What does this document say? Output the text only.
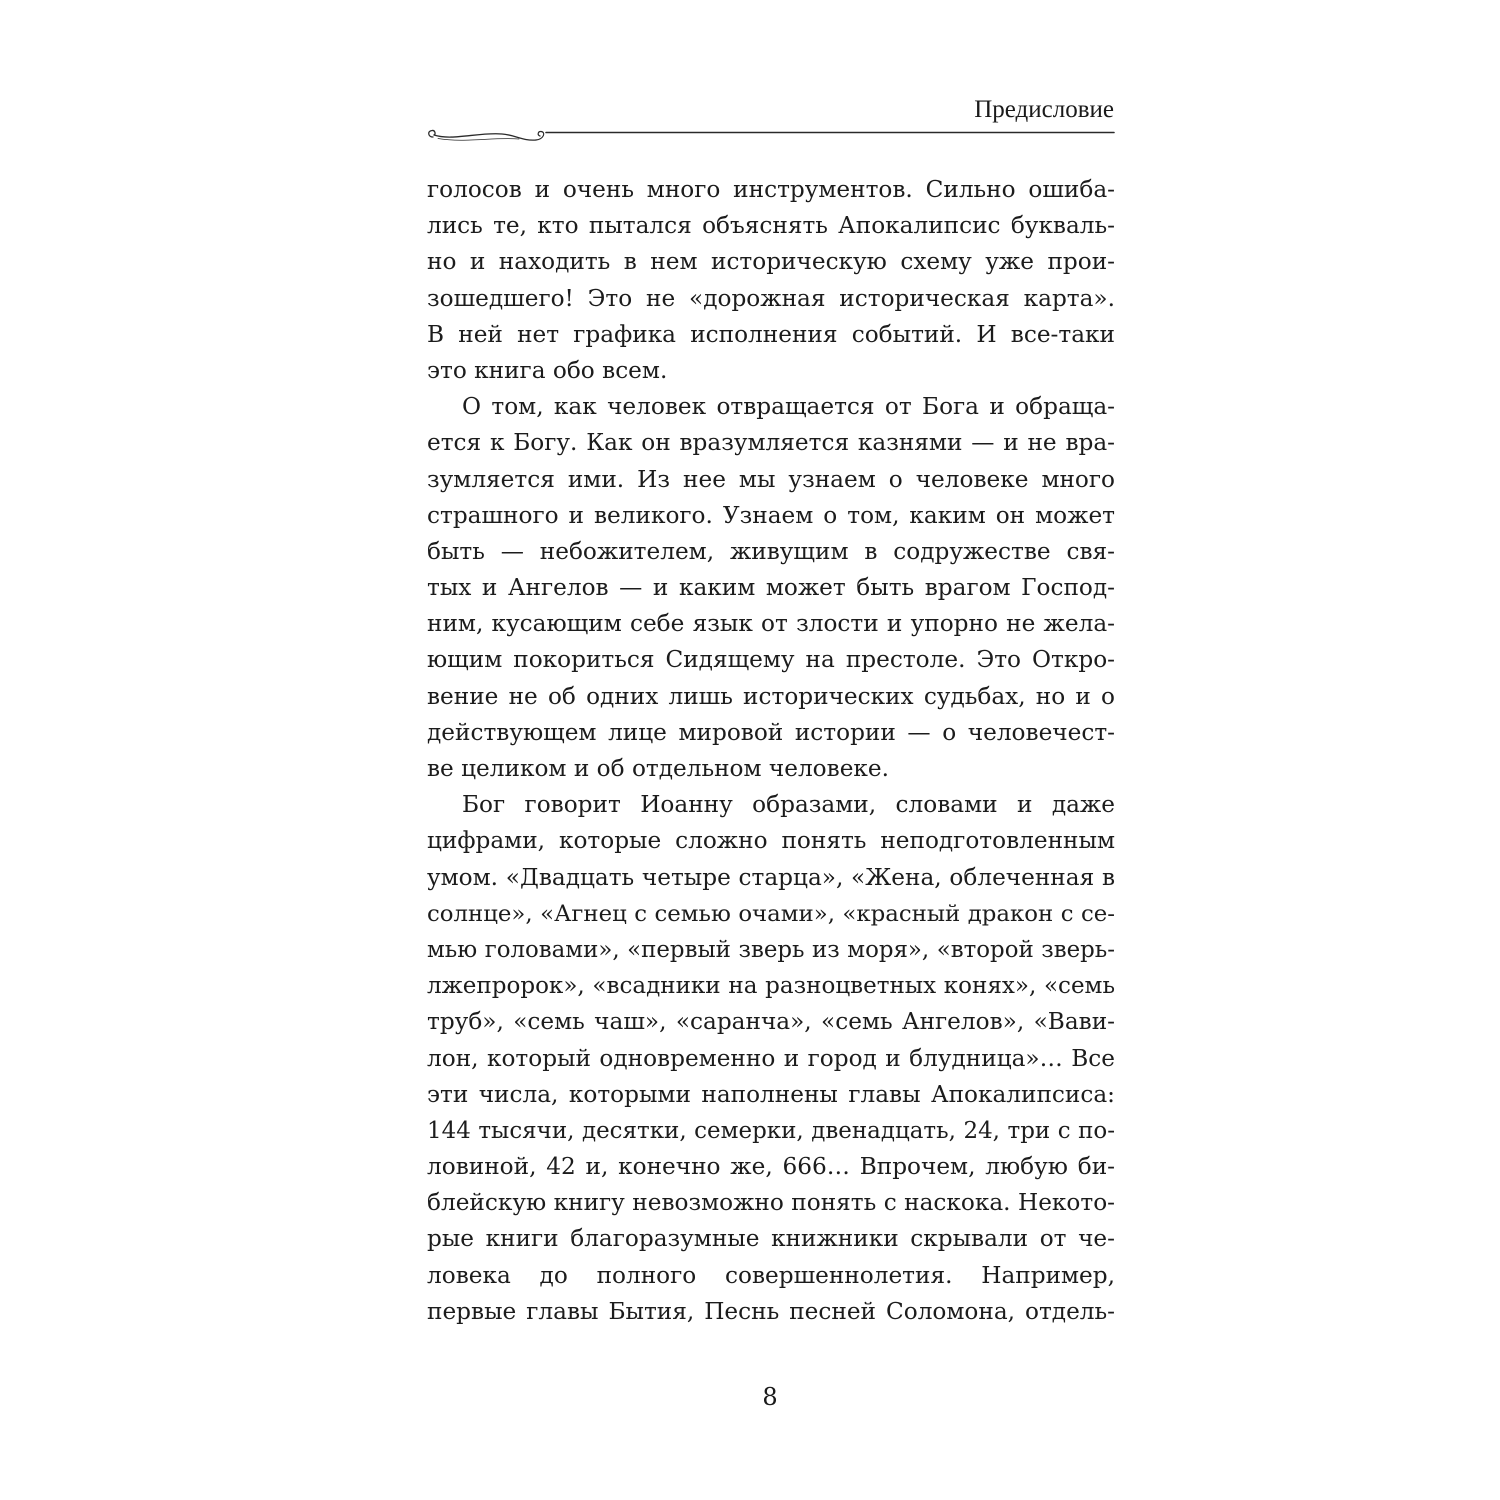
Предисловие
голосов и очень много инструментов. Сильно ошиба-
лись те, кто пытался объяснять Апокалипсис букваль-
но и находить в нем историческую схему уже прои-
зошедшего! Это не «дорожная историческая карта».
В ней нет графика исполнения событий. И все-таки
это книга обо всем.
О том, как человек отвращается от Бога и обраща-
ется к Богу. Как он вразумляется казнями — и не вра-
зумляется ими. Из нее мы узнаем о человеке много
страшного и великого. Узнаем о том, каким он может
быть — небожителем, живущим в содружестве свя-
тых и Ангелов — и каким может быть врагом Господ-
ним, кусающим себе язык от злости и упорно не жела-
ющим покориться Сидящему на престоле. Это Откро-
вение не об одних лишь исторических судьбах, но и о
действующем лице мировой истории — о человечест-
ве целиком и об отдельном человеке.
Бог говорит Иоанну образами, словами и даже
цифрами, которые сложно понять неподготовленным
умом. «Двадцать четыре старца», «Жена, облеченная в
солнце», «Агнец с семью очами», «красный дракон с се-
мью головами», «первый зверь из моря», «второй зверь-
лжепророк», «всадники на разноцветных конях», «семь
труб», «семь чаш», «саранча», «семь Ангелов», «Вави-
лон, который одновременно и город и блудница»… Все
эти числа, которыми наполнены главы Апокалипсиса:
144 тысячи, десятки, семерки, двенадцать, 24, три с по-
ловиной, 42 и, конечно же, 666… Впрочем, любую би-
блейскую книгу невозможно понять с наскока. Некото-
рые книги благоразумные книжники скрывали от че-
ловека до полного совершеннолетия. Например,
первые главы Бытия, Песнь песней Соломона, отдель-
8
